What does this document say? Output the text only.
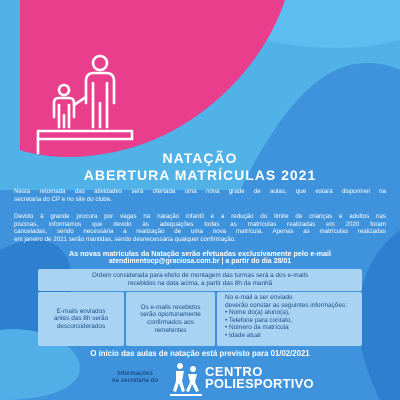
NATAÇÃO
ABERTURA MATRÍCULAS 2021
Nesta retomada das atividades será ofertada uma nova grade de aulas, que estará disponível na
secretaria do CP e no site do clube.
Devido à grande procura por vagas na natação infantil e a redução do limite de crianças e adultos nas
piscinas, informamos que devido às adequações todas as matrículas realizadas em 2020 foram
canceladas, sendo necessária a realização de uma nova matrícula. Apenas as matrículas realizadas
em janeiro de 2021 serão mantidas, sendo desnecessária qualquer confirmação.
As novas matrículas da Natação serão efetuadas exclusivamente pelo e-mail
atendimentocp@graciosa.com.br | a partir do dia 28/01
Ordem considerada para efeito de montagem das turmas será a dos e-mails
recebidos na data acima, a partir das 8h da manhã
E-mails enviados
antes das 8h serão
desconsiderados
Os e-mails recebidos
serão oportunamente
confirmados aos
remetentes
No e-mail a ser enviado
deverão constar as seguintes informações:
• Nome do(a) aluno(a),
• Telefone para contato,
• Número da matrícula
• Idade atual
O início das aulas de natação está previsto para 01/02/2021
Informações
na secretaria do
CENTRO
POLIESPORTIVO
